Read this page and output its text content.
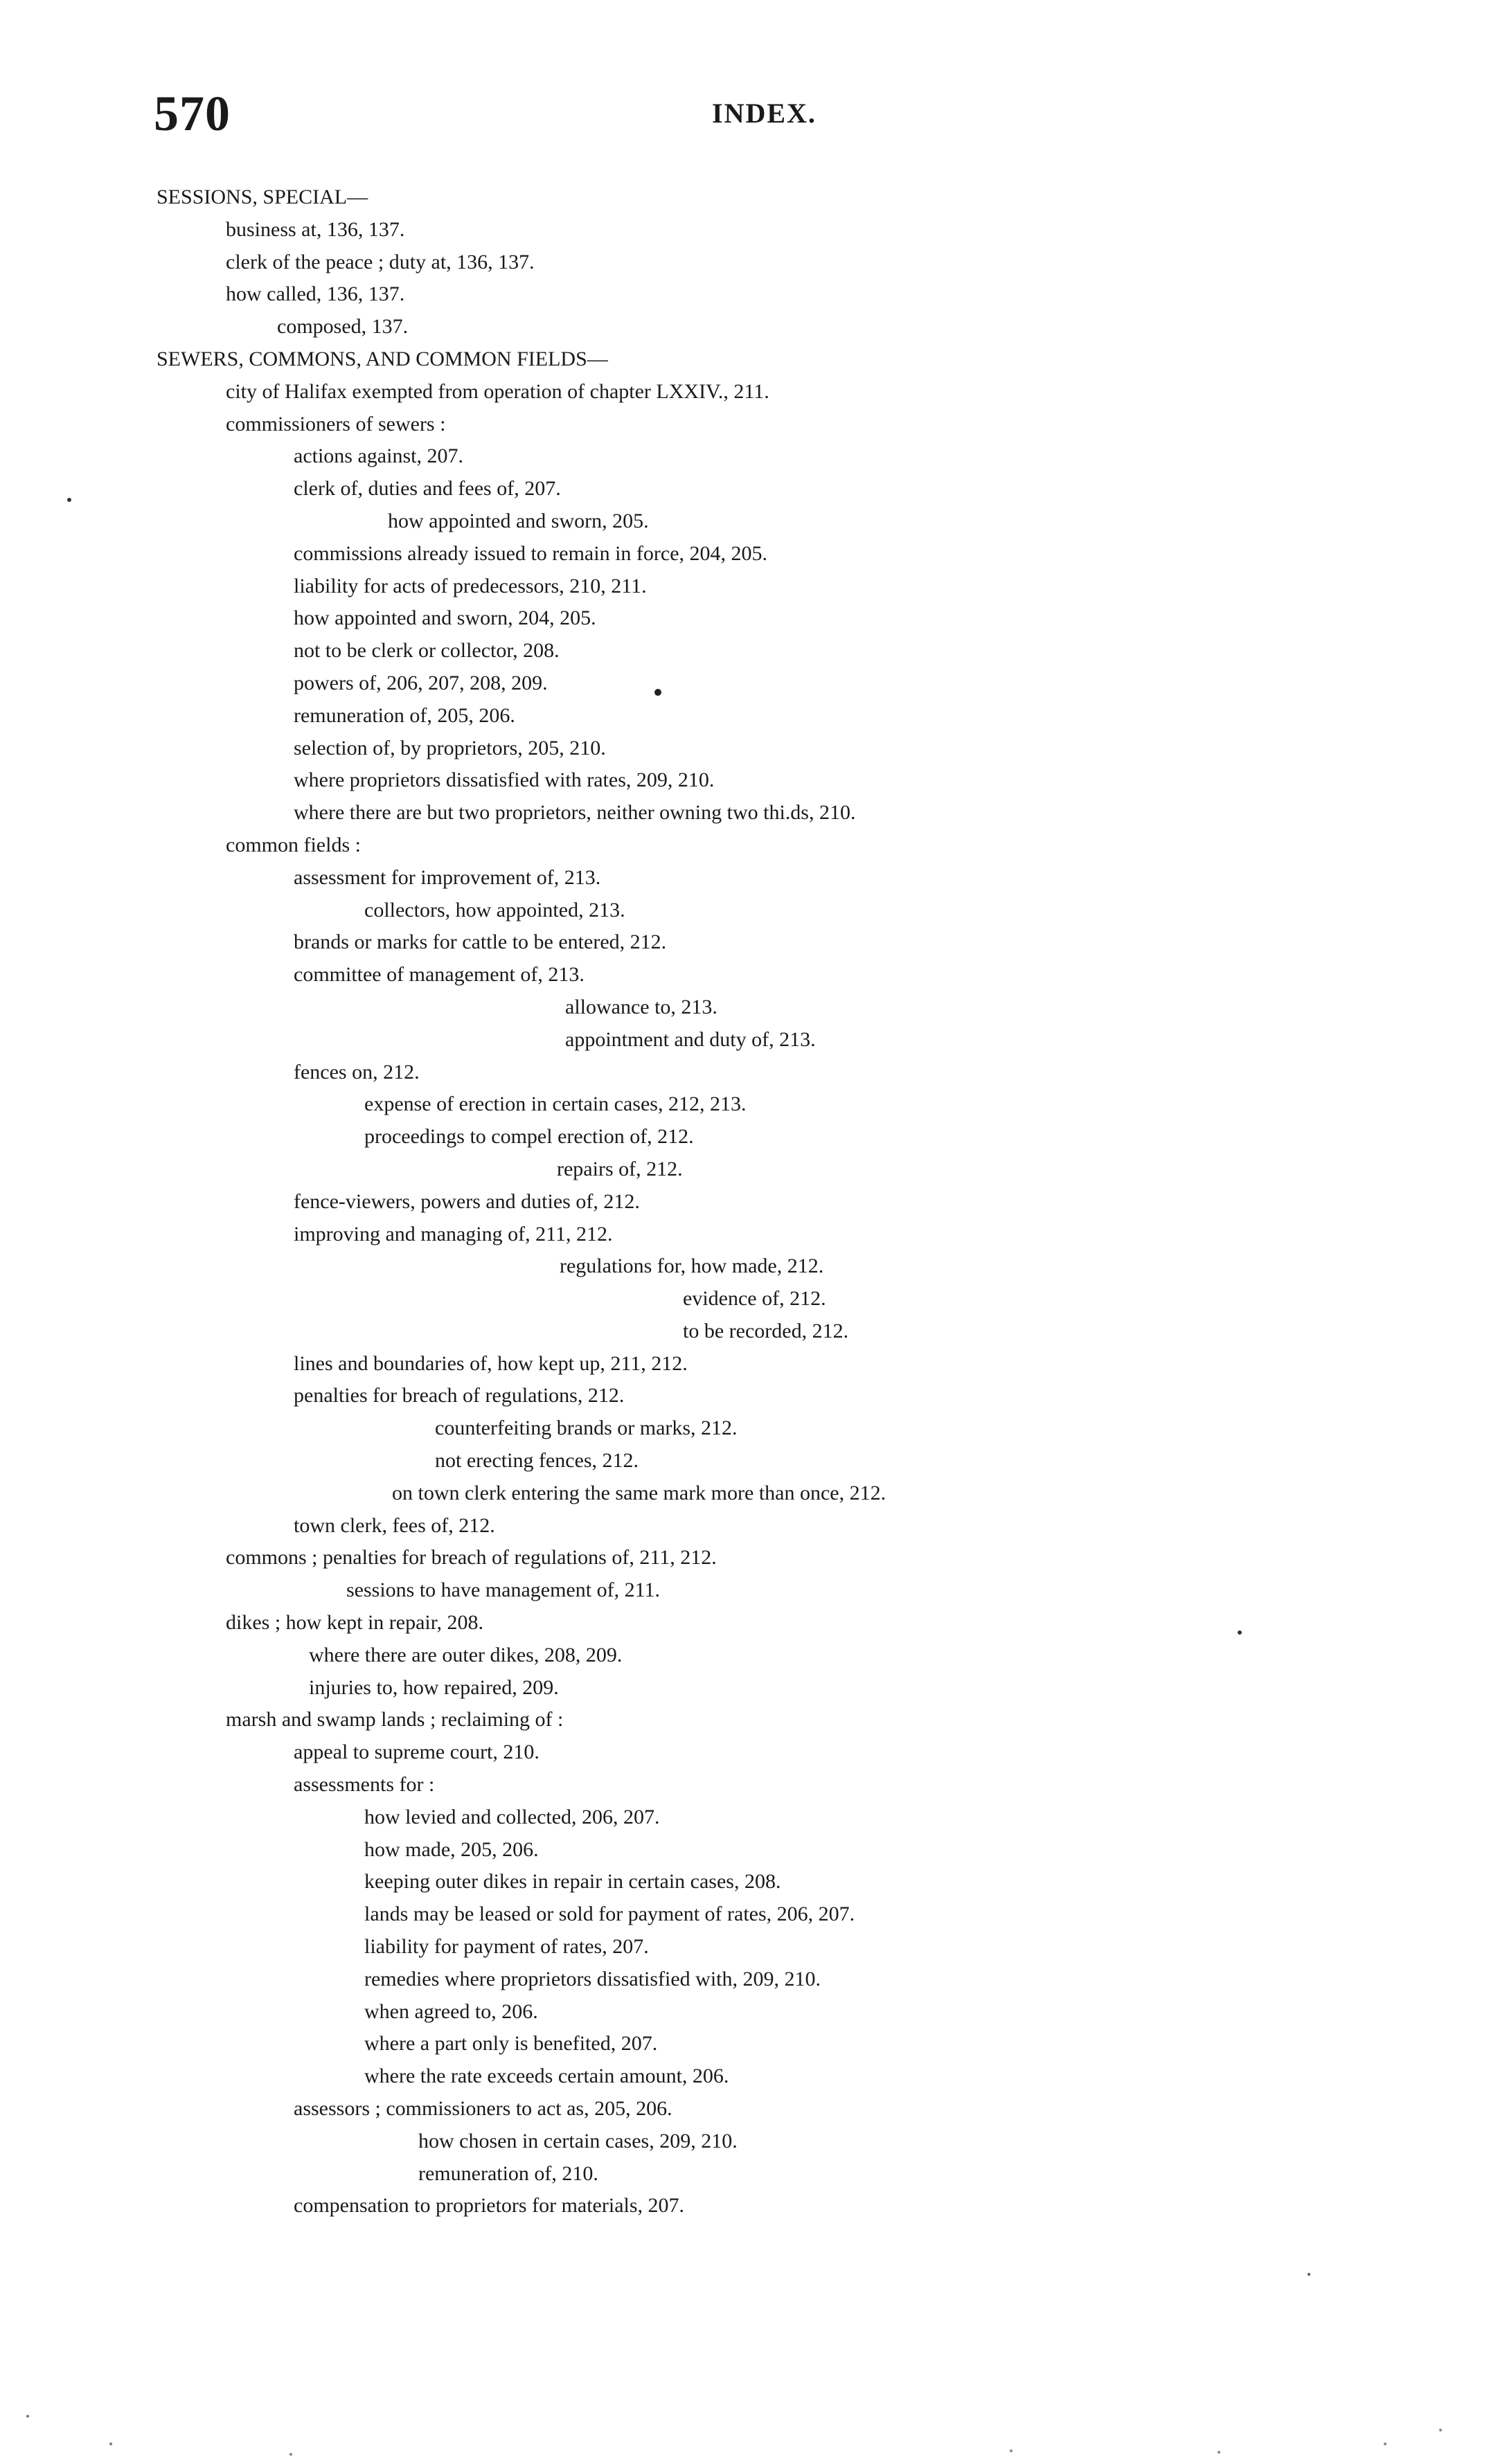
570	INDEX.
SESSIONS, SPECIAL—
business at, 136, 137.
clerk of the peace ; duty at, 136, 137.
how called, 136, 137.
composed, 137.
SEWERS, COMMONS, AND COMMON FIELDS—
city of Halifax exempted from operation of chapter LXXIV., 211.
commissioners of sewers :
actions against, 207.
clerk of, duties and fees of, 207.
how appointed and sworn, 205.
commissions already issued to remain in force, 204, 205.
liability for acts of predecessors, 210, 211.
how appointed and sworn, 204, 205.
not to be clerk or collector, 208.
powers of, 206, 207, 208, 209.
remuneration of, 205, 206.
selection of, by proprietors, 205, 210.
where proprietors dissatisfied with rates, 209, 210.
where there are but two proprietors, neither owning two thi.ds, 210.
common fields :
assessment for improvement of, 213.
collectors, how appointed, 213.
brands or marks for cattle to be entered, 212.
committee of management of, 213.
allowance to, 213.
appointment and duty of, 213.
fences on, 212.
expense of erection in certain cases, 212, 213.
proceedings to compel erection of, 212.
repairs of, 212.
fence-viewers, powers and duties of, 212.
improving and managing of, 211, 212.
regulations for, how made, 212.
evidence of, 212.
to be recorded, 212.
lines and boundaries of, how kept up, 211, 212.
penalties for breach of regulations, 212.
counterfeiting brands or marks, 212.
not erecting fences, 212.
on town clerk entering the same mark more than once, 212.
town clerk, fees of, 212.
commons ; penalties for breach of regulations of, 211, 212.
sessions to have management of, 211.
dikes ; how kept in repair, 208.
where there are outer dikes, 208, 209.
injuries to, how repaired, 209.
marsh and swamp lands ; reclaiming of :
appeal to supreme court, 210.
assessments for :
how levied and collected, 206, 207.
how made, 205, 206.
keeping outer dikes in repair in certain cases, 208.
lands may be leased or sold for payment of rates, 206, 207.
liability for payment of rates, 207.
remedies where proprietors dissatisfied with, 209, 210.
when agreed to, 206.
where a part only is benefited, 207.
where the rate exceeds certain amount, 206.
assessors ; commissioners to act as, 205, 206.
how chosen in certain cases, 209, 210.
remuneration of, 210.
compensation to proprietors for materials, 207.
